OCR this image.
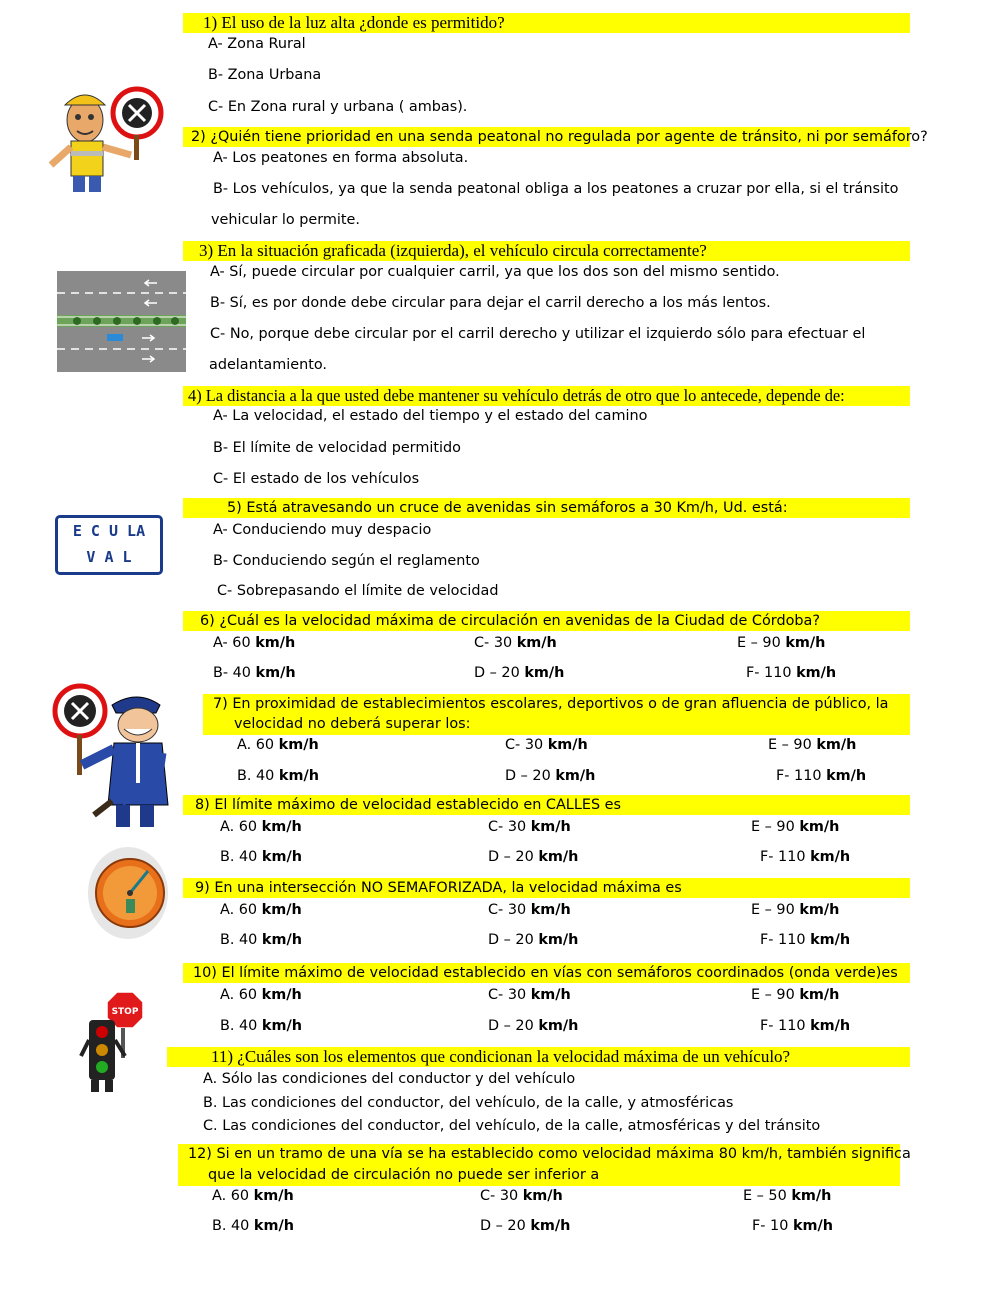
1) El uso de la luz alta ¿donde es permitido?
A- Zona Rural
B- Zona Urbana
C- En Zona rural y urbana ( ambas).
2) ¿Quién tiene prioridad en una senda peatonal no regulada por agente de tránsito, ni por semáforo?
A- Los peatones en forma absoluta.
B- Los vehículos, ya que la senda peatonal obliga a los peatones a cruzar por ella, si el tránsito
vehicular lo permite.
3) En la situación graficada (izquierda), el vehículo circula correctamente?
A- Sí, puede circular por cualquier carril, ya que los dos son del mismo sentido.
B- Sí, es por donde debe circular para dejar el carril derecho a los más lentos.
C- No, porque debe circular por el carril derecho y utilizar el izquierdo sólo para efectuar el
adelantamiento.
4) La distancia a la que usted debe mantener su vehículo detrás de otro que lo antecede, depende de:
A- La velocidad, el estado del tiempo y el estado del camino
B- El límite de velocidad permitido
C- El estado de los vehículos
5) Está atravesando un cruce de avenidas sin semáforos a 30 Km/h, Ud. está:
A- Conduciendo muy despacio
B- Conduciendo según el reglamento
C- Sobrepasando el límite de velocidad
6) ¿Cuál es la velocidad máxima de circulación en avenidas de la Ciudad de Córdoba?
A- 60 km/h	C- 30 km/h	E – 90 km/h
B- 40 km/h	D – 20 km/h	F- 110 km/h
7) En proximidad de establecimientos escolares, deportivos o de gran afluencia de público, la
velocidad no deberá superar los:
A. 60 km/h	C- 30 km/h	E – 90 km/h
B. 40 km/h	D – 20 km/h	F- 110 km/h
8) El límite máximo de velocidad establecido en CALLES es
A. 60 km/h	C- 30 km/h	E – 90 km/h
B. 40 km/h	D – 20 km/h	F- 110 km/h
9) En una intersección NO SEMAFORIZADA, la velocidad máxima es
A. 60 km/h	C- 30 km/h	E – 90 km/h
B. 40 km/h	D – 20 km/h	F- 110 km/h
10) El límite máximo de velocidad establecido en vías con semáforos coordinados (onda verde)es
A. 60 km/h	C- 30 km/h	E – 90 km/h
B. 40 km/h	D – 20 km/h	F- 110 km/h
11) ¿Cuáles son los elementos que condicionan la velocidad máxima de un vehículo?
A. Sólo las condiciones del conductor y del vehículo
B. Las condiciones del conductor, del vehículo, de la calle, y atmosféricas
C. Las condiciones del conductor, del vehículo, de la calle, atmosféricas y del tránsito
12) Si en un tramo de una vía se ha establecido como velocidad máxima 80 km/h, también significa
que la velocidad de circulación no puede ser inferior a
A. 60 km/h	C- 30 km/h	E – 50 km/h
B. 40 km/h	D – 20 km/h	F- 10 km/h
E C U LA
V A L
STOP
